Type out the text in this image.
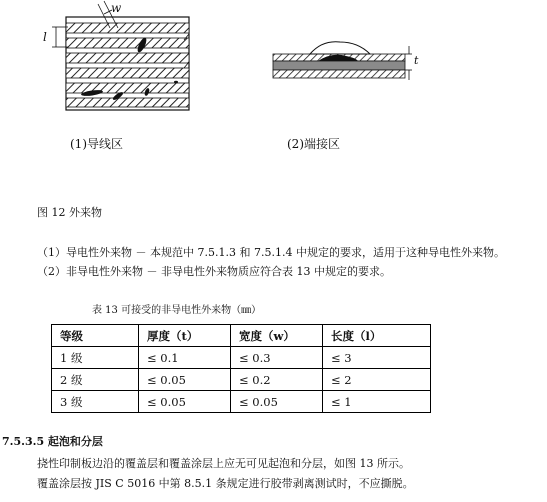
w
l
t
(1)导线区	(2)端接区
图 12 外来物
（1）导电性外来物 － 本规范中 7.5.1.3 和 7.5.1.4 中规定的要求，适用于这种导电性外来物。
（2）非导电性外来物 － 非导电性外来物质应符合表 13 中规定的要求。
表 13 可接受的非导电性外来物（㎜）
等级	厚度（t）	宽度（w）	长度（l）
1 级	≤ 0.1	≤ 0.3	≤ 3
2 级	≤ 0.05	≤ 0.2	≤ 2
3 级	≤ 0.05	≤ 0.05	≤ 1
7.5.3.5 起泡和分层
挠性印制板边沿的覆盖层和覆盖涂层上应无可见起泡和分层，如图 13 所示。
覆盖涂层按 JIS C 5016 中第 8.5.1 条规定进行胶带剥离测试时，不应撕脱。
